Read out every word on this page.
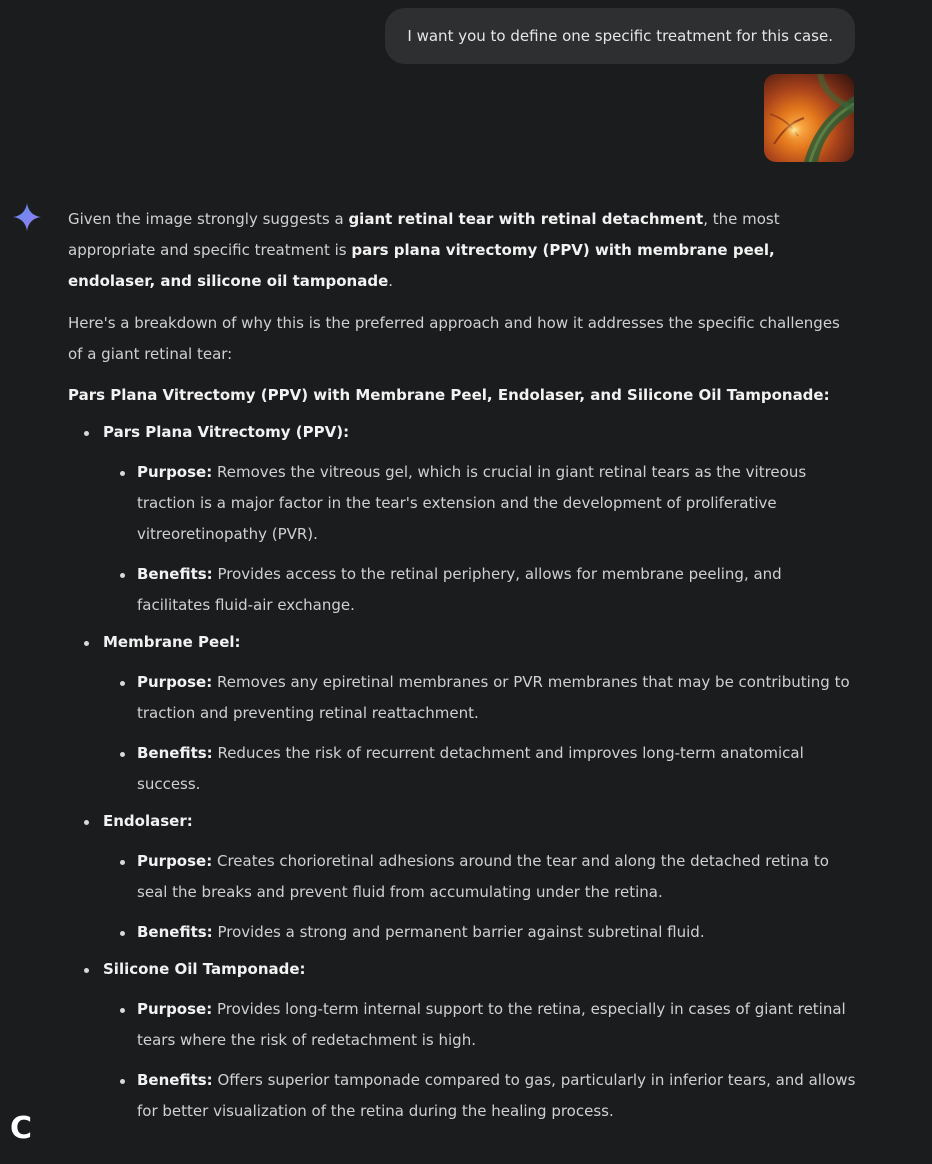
I want you to define one specific treatment for this case.

Given the image strongly suggests a giant retinal tear with retinal detachment, the most appropriate and specific treatment is pars plana vitrectomy (PPV) with membrane peel, endolaser, and silicone oil tamponade.

Here's a breakdown of why this is the preferred approach and how it addresses the specific challenges of a giant retinal tear:

Pars Plana Vitrectomy (PPV) with Membrane Peel, Endolaser, and Silicone Oil Tamponade:

Pars Plana Vitrectomy (PPV):
Purpose: Removes the vitreous gel, which is crucial in giant retinal tears as the vitreous traction is a major factor in the tear's extension and the development of proliferative vitreoretinopathy (PVR).
Benefits: Provides access to the retinal periphery, allows for membrane peeling, and facilitates fluid-air exchange.
Membrane Peel:
Purpose: Removes any epiretinal membranes or PVR membranes that may be contributing to traction and preventing retinal reattachment.
Benefits: Reduces the risk of recurrent detachment and improves long-term anatomical success.
Endolaser:
Purpose: Creates chorioretinal adhesions around the tear and along the detached retina to seal the breaks and prevent fluid from accumulating under the retina.
Benefits: Provides a strong and permanent barrier against subretinal fluid.
Silicone Oil Tamponade:
Purpose: Provides long-term internal support to the retina, especially in cases of giant retinal tears where the risk of redetachment is high.
Benefits: Offers superior tamponade compared to gas, particularly in inferior tears, and allows for better visualization of the retina during the healing process.
C
